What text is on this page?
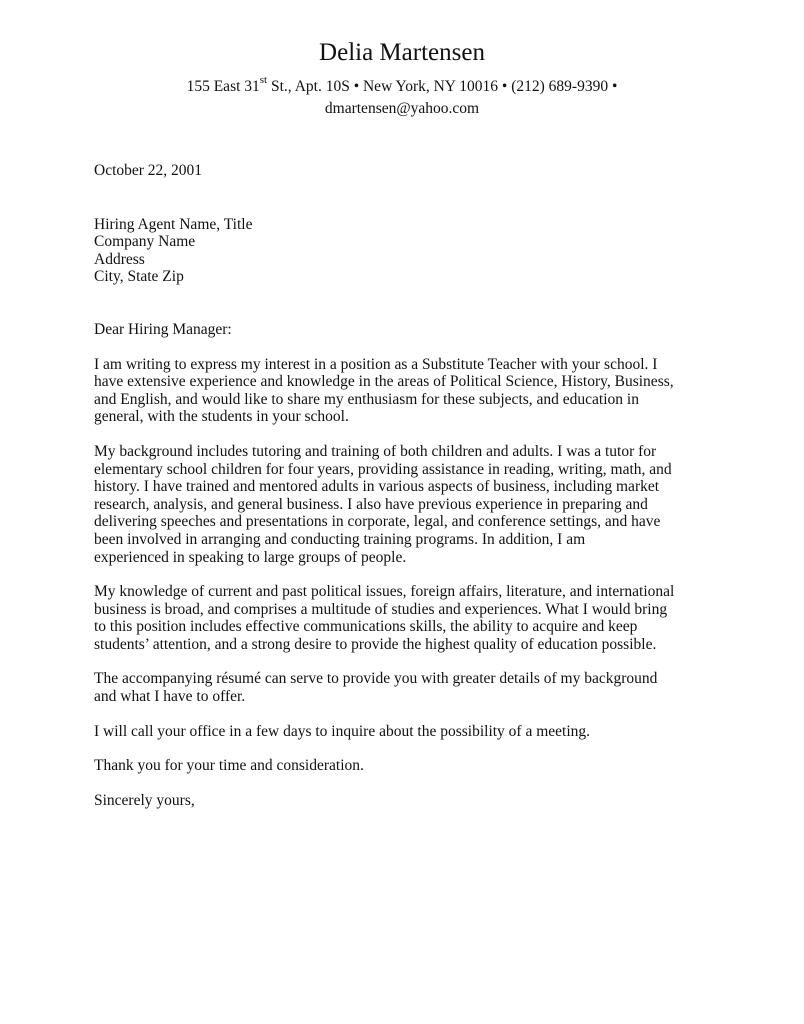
Delia Martensen
155 East 31st St., Apt. 10S • New York, NY 10016 • (212) 689-9390 •
dmartensen@yahoo.com
October 22, 2001
Hiring Agent Name, Title
Company Name
Address
City, State Zip
Dear Hiring Manager:
I am writing to express my interest in a position as a Substitute Teacher with your school. I
have extensive experience and knowledge in the areas of Political Science, History, Business,
and English, and would like to share my enthusiasm for these subjects, and education in
general, with the students in your school.
My background includes tutoring and training of both children and adults. I was a tutor for
elementary school children for four years, providing assistance in reading, writing, math, and
history. I have trained and mentored adults in various aspects of business, including market
research, analysis, and general business. I also have previous experience in preparing and
delivering speeches and presentations in corporate, legal, and conference settings, and have
been involved in arranging and conducting training programs. In addition, I am
experienced in speaking to large groups of people.
My knowledge of current and past political issues, foreign affairs, literature, and international
business is broad, and comprises a multitude of studies and experiences. What I would bring
to this position includes effective communications skills, the ability to acquire and keep
students’ attention, and a strong desire to provide the highest quality of education possible.
The accompanying résumé can serve to provide you with greater details of my background
and what I have to offer.
I will call your office in a few days to inquire about the possibility of a meeting.
Thank you for your time and consideration.
Sincerely yours,
